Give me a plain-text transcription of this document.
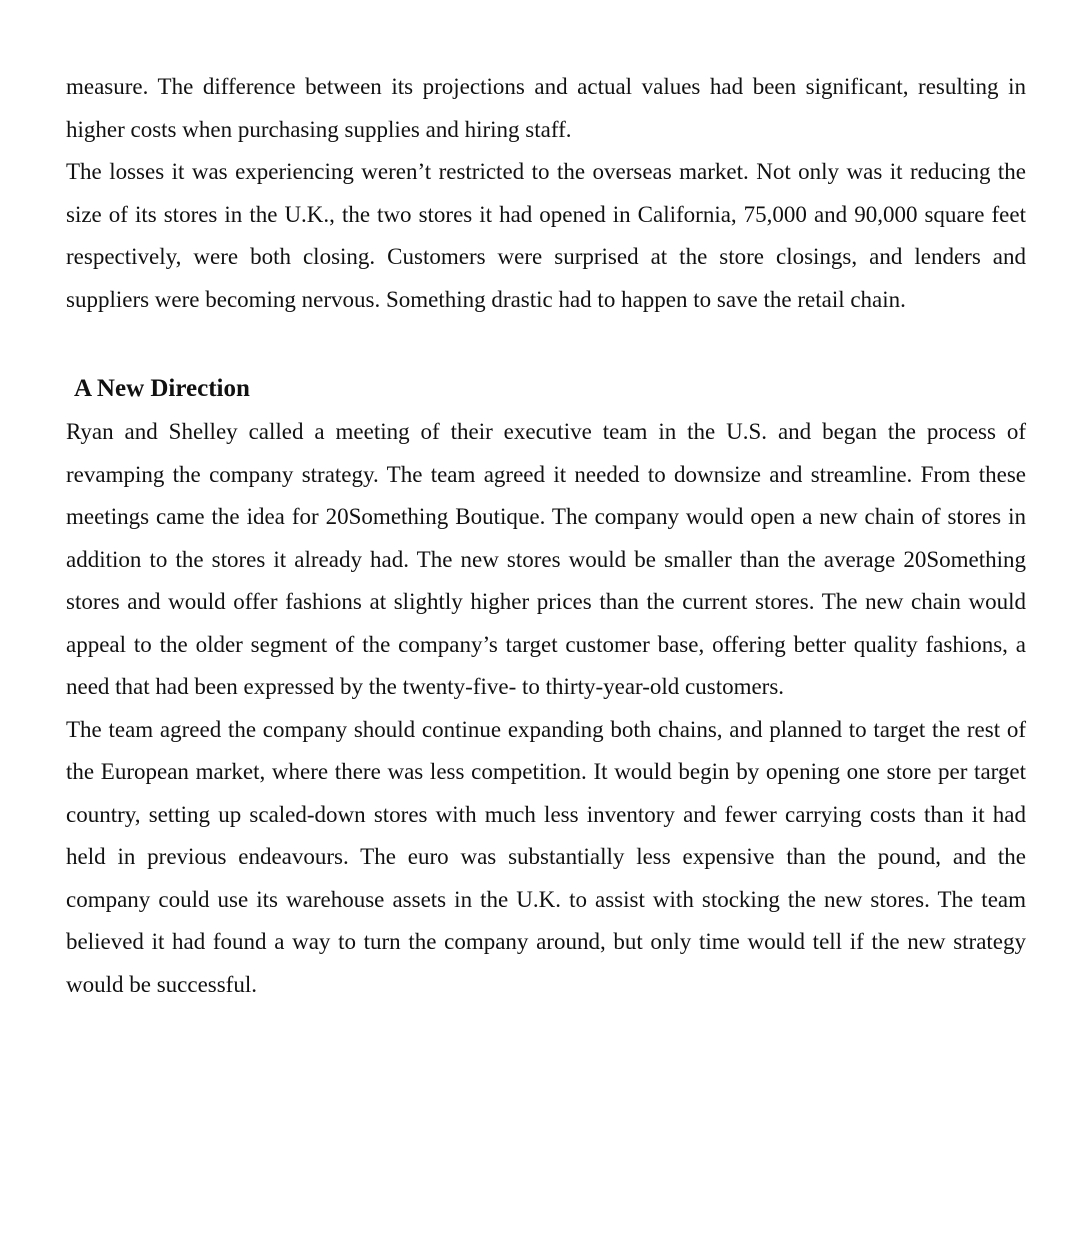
measure. The difference between its projections and actual values had been significant, resulting in higher costs when purchasing supplies and hiring staff.

The losses it was experiencing weren’t restricted to the overseas market. Not only was it reducing the size of its stores in the U.K., the two stores it had opened in California, 75,000 and 90,000 square feet respectively, were both closing. Customers were surprised at the store closings, and lenders and suppliers were becoming nervous. Something drastic had to happen to save the retail chain.

A New Direction

Ryan and Shelley called a meeting of their executive team in the U.S. and began the process of revamping the company strategy. The team agreed it needed to downsize and streamline. From these meetings came the idea for 20Something Boutique. The company would open a new chain of stores in addition to the stores it already had. The new stores would be smaller than the average 20Something stores and would offer fashions at slightly higher prices than the current stores. The new chain would appeal to the older segment of the company’s target customer base, offering better quality fashions, a need that had been expressed by the twenty-five- to thirty-year-old customers.

The team agreed the company should continue expanding both chains, and planned to target the rest of the European market, where there was less competition. It would begin by opening one store per target country, setting up scaled-down stores with much less inventory and fewer carrying costs than it had held in previous endeavours. The euro was substantially less expensive than the pound, and the company could use its warehouse assets in the U.K. to assist with stocking the new stores. The team believed it had found a way to turn the company around, but only time would tell if the new strategy would be successful.
